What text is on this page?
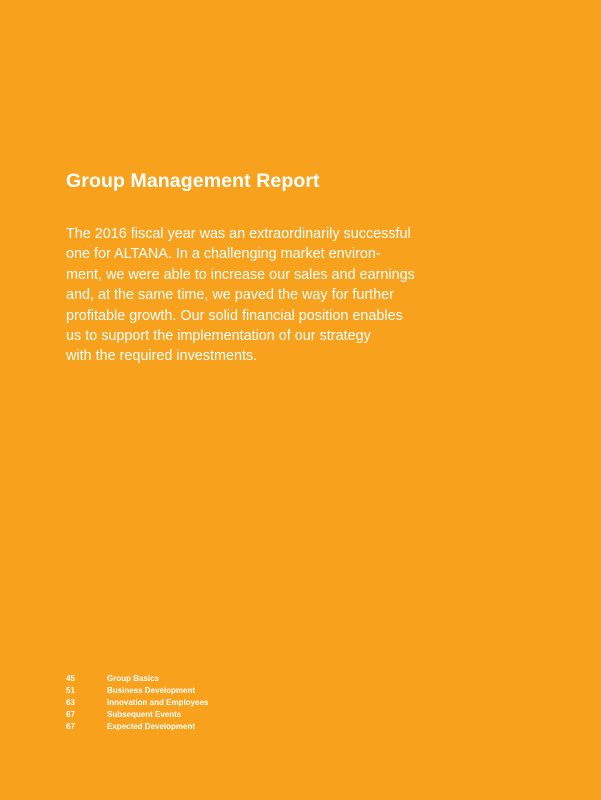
Group Management Report

The 2016 fiscal year was an extraordinarily successful
one for ALTANA. In a challenging market environ-
ment, we were able to increase our sales and earnings
and, at the same time, we paved the way for further
profitable growth. Our solid financial position enables
us to support the implementation of our strategy
with the required investments.

45	Group Basics
51	Business Development
63	Innovation and Employees
67	Subsequent Events
67	Expected Development
